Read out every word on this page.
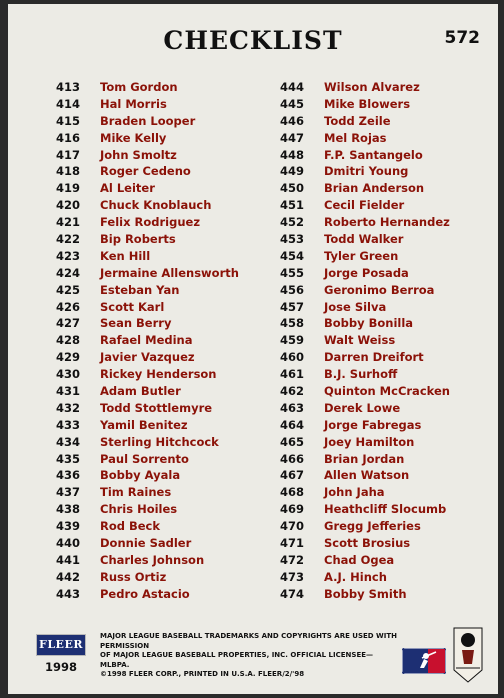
CHECKLIST	572
413 Tom Gordon
414 Hal Morris
415 Braden Looper
416 Mike Kelly
417 John Smoltz
418 Roger Cedeno
419 Al Leiter
420 Chuck Knoblauch
421 Felix Rodriguez
422 Bip Roberts
423 Ken Hill
424 Jermaine Allensworth
425 Esteban Yan
426 Scott Karl
427 Sean Berry
428 Rafael Medina
429 Javier Vazquez
430 Rickey Henderson
431 Adam Butler
432 Todd Stottlemyre
433 Yamil Benitez
434 Sterling Hitchcock
435 Paul Sorrento
436 Bobby Ayala
437 Tim Raines
438 Chris Hoiles
439 Rod Beck
440 Donnie Sadler
441 Charles Johnson
442 Russ Ortiz
443 Pedro Astacio
444 Wilson Alvarez
445 Mike Blowers
446 Todd Zeile
447 Mel Rojas
448 F.P. Santangelo
449 Dmitri Young
450 Brian Anderson
451 Cecil Fielder
452 Roberto Hernandez
453 Todd Walker
454 Tyler Green
455 Jorge Posada
456 Geronimo Berroa
457 Jose Silva
458 Bobby Bonilla
459 Walt Weiss
460 Darren Dreifort
461 B.J. Surhoff
462 Quinton McCracken
463 Derek Lowe
464 Jorge Fabregas
465 Joey Hamilton
466 Brian Jordan
467 Allen Watson
468 John Jaha
469 Heathcliff Slocumb
470 Gregg Jefferies
471 Scott Brosius
472 Chad Ogea
473 A.J. Hinch
474 Bobby Smith
FLEER
1998
MAJOR LEAGUE BASEBALL TRADEMARKS AND COPYRIGHTS ARE USED WITH PERMISSION
OF MAJOR LEAGUE BASEBALL PROPERTIES, INC. OFFICIAL LICENSEE—MLBPA.
©1998 FLEER CORP., PRINTED IN U.S.A. FLEER/2/'98
